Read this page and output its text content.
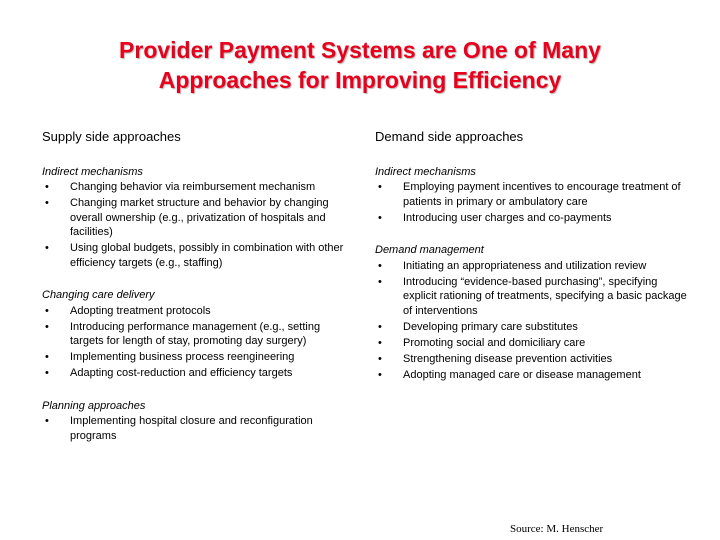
Provider Payment Systems are One of Many
Approaches for Improving Efficiency
Supply side approaches
Indirect mechanisms
• Changing behavior via reimbursement mechanism
• Changing market structure and behavior by changing overall ownership (e.g., privatization of hospitals and facilities)
• Using global budgets, possibly in combination with other efficiency targets (e.g., staffing)
Changing care delivery
• Adopting treatment protocols
• Introducing performance management (e.g., setting targets for length of stay, promoting day surgery)
• Implementing business process reengineering
• Adapting cost-reduction and efficiency targets
Planning approaches
• Implementing hospital closure and reconfiguration programs
Demand side approaches
Indirect mechanisms
• Employing payment incentives to encourage treatment of patients in primary or ambulatory care
• Introducing user charges and co-payments
Demand management
• Initiating an appropriateness and utilization review
• Introducing “evidence-based purchasing”, specifying explicit rationing of treatments, specifying a basic package of interventions
• Developing primary care substitutes
• Promoting social and domiciliary care
• Strengthening disease prevention activities
• Adopting managed care or disease management
Source: M. Henscher
